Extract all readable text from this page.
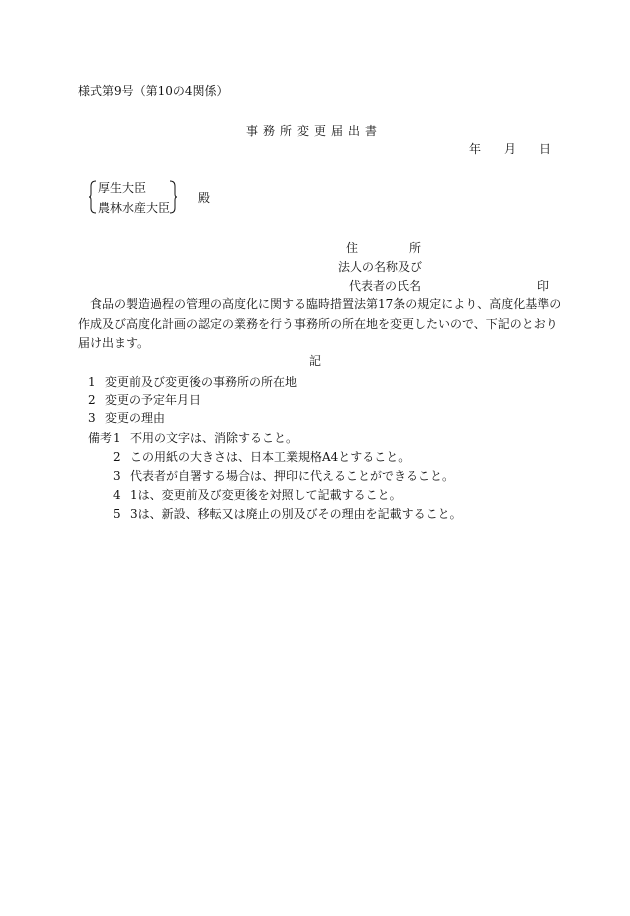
様式第9号（第10の4関係）
事務所変更届出書
年 月 日
厚生大臣
農林水産大臣
殿
住	所
法人の名称及び
代表者の氏名	印

食品の製造過程の管理の高度化に関する臨時措置法第17条の規定により、高度化基準の

作成及び高度化計画の認定の業務を行う事務所の所在地を変更したいので、下記のとおり

届け出ます。

記
1 変更前及び変更後の事務所の所在地
2 変更の予定年月日
3 変更の理由
備考 1 不用の文字は、消除すること。
2 この用紙の大きさは、日本工業規格A4とすること。
3 代表者が自署する場合は、押印に代えることができること。
4 1は、変更前及び変更後を対照して記載すること。
5 3は、新設、移転又は廃止の別及びその理由を記載すること。
